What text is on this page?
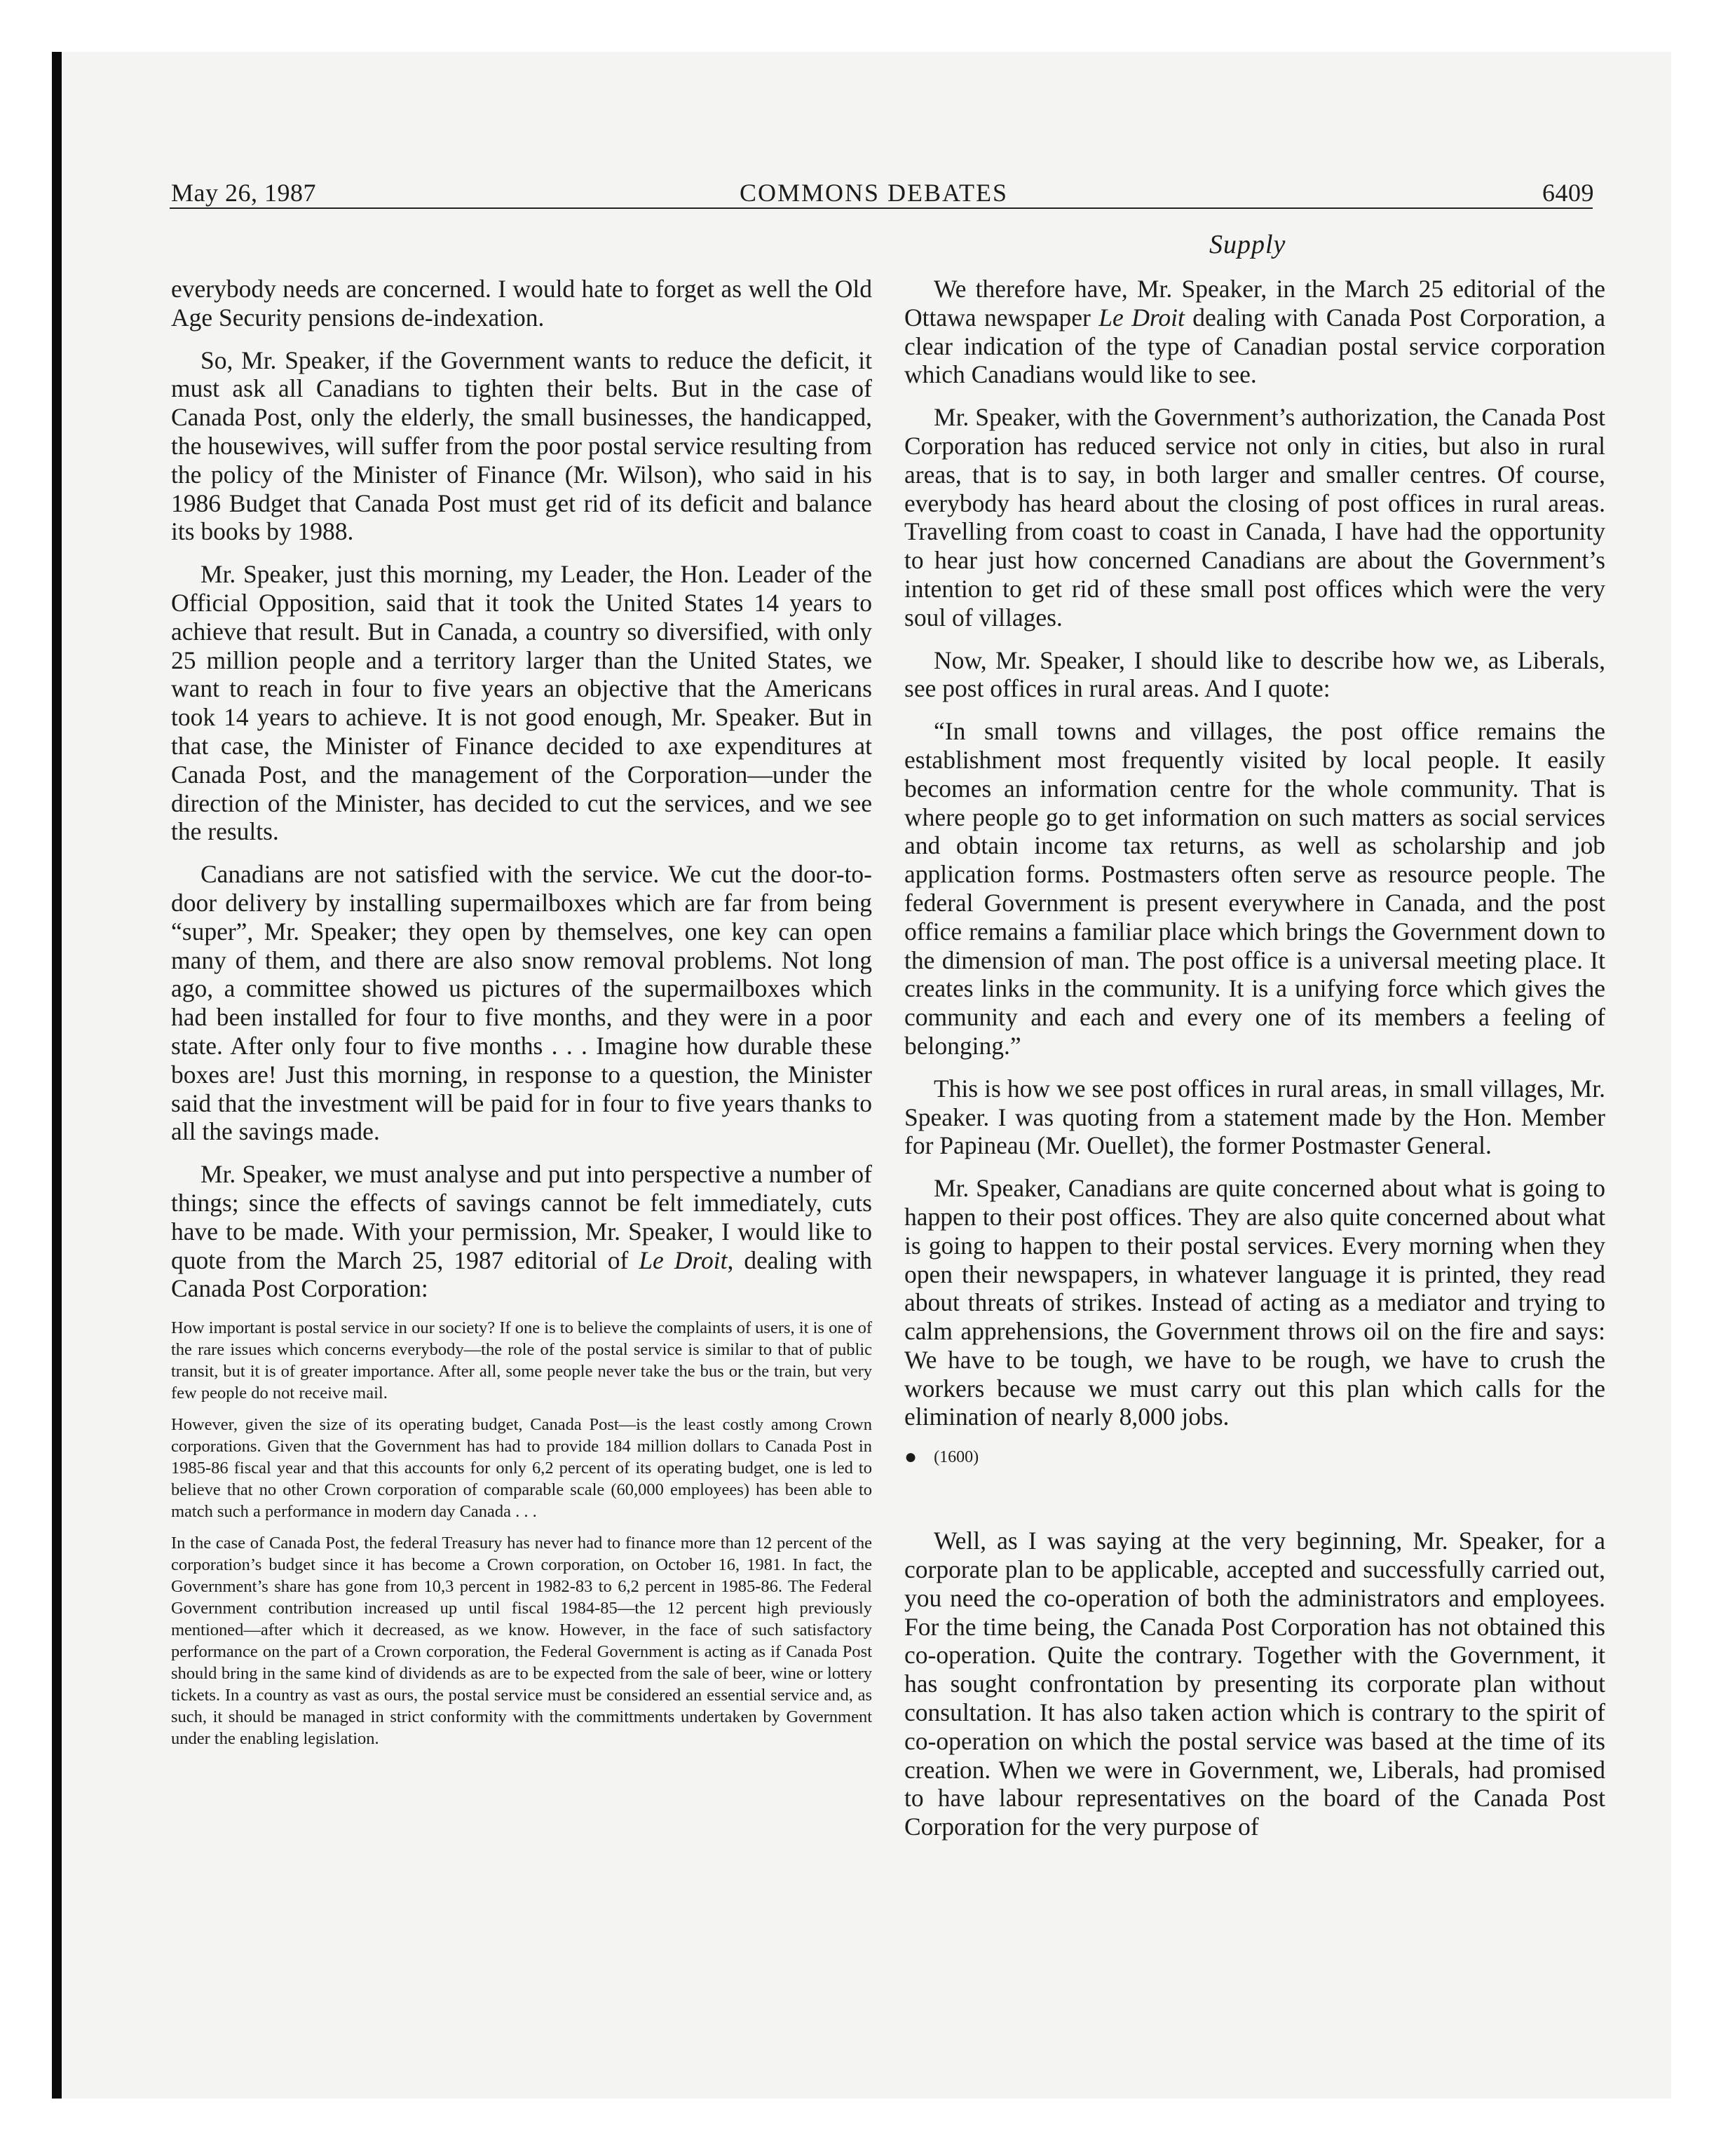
May 26, 1987	COMMONS DEBATES	6409
Supply

everybody needs are concerned. I would hate to forget as well the Old Age Security pensions de-indexation.

So, Mr. Speaker, if the Government wants to reduce the deficit, it must ask all Canadians to tighten their belts. But in the case of Canada Post, only the elderly, the small businesses, the handicapped, the housewives, will suffer from the poor postal service resulting from the policy of the Minister of Finance (Mr. Wilson), who said in his 1986 Budget that Canada Post must get rid of its deficit and balance its books by 1988.

Mr. Speaker, just this morning, my Leader, the Hon. Leader of the Official Opposition, said that it took the United States 14 years to achieve that result. But in Canada, a country so diversified, with only 25 million people and a territory larger than the United States, we want to reach in four to five years an objective that the Americans took 14 years to achieve. It is not good enough, Mr. Speaker. But in that case, the Minister of Finance decided to axe expenditures at Canada Post, and the management of the Corporation—under the direction of the Minister, has decided to cut the services, and we see the results.

Canadians are not satisfied with the service. We cut the door-to-door delivery by installing supermailboxes which are far from being “super”, Mr. Speaker; they open by themselves, one key can open many of them, and there are also snow removal problems. Not long ago, a committee showed us pictures of the supermailboxes which had been installed for four to five months, and they were in a poor state. After only four to five months . . . Imagine how durable these boxes are! Just this morning, in response to a question, the Minister said that the investment will be paid for in four to five years thanks to all the savings made.

Mr. Speaker, we must analyse and put into perspective a number of things; since the effects of savings cannot be felt immediately, cuts have to be made. With your permission, Mr. Speaker, I would like to quote from the March 25, 1987 editorial of Le Droit, dealing with Canada Post Corporation:

How important is postal service in our society? If one is to believe the complaints of users, it is one of the rare issues which concerns everybody—the role of the postal service is similar to that of public transit, but it is of greater importance. After all, some people never take the bus or the train, but very few people do not receive mail.
However, given the size of its operating budget, Canada Post—is the least costly among Crown corporations. Given that the Government has had to provide 184 million dollars to Canada Post in 1985-86 fiscal year and that this accounts for only 6,2 percent of its operating budget, one is led to believe that no other Crown corporation of comparable scale (60,000 employees) has been able to match such a performance in modern day Canada . . .
In the case of Canada Post, the federal Treasury has never had to finance more than 12 percent of the corporation’s budget since it has become a Crown corporation, on October 16, 1981. In fact, the Government’s share has gone from 10,3 percent in 1982-83 to 6,2 percent in 1985-86. The Federal Government contribution increased up until fiscal 1984-85—the 12 percent high previously mentioned—after which it decreased, as we know. However, in the face of such satisfactory performance on the part of a Crown corporation, the Federal Government is acting as if Canada Post should bring in the same kind of dividends as are to be expected from the sale of beer, wine or lottery tickets. In a country as vast as ours, the postal service must be considered an essential service and, as such, it should be managed in strict conformity with the committments undertaken by Government under the enabling legislation.

We therefore have, Mr. Speaker, in the March 25 editorial of the Ottawa newspaper Le Droit dealing with Canada Post Corporation, a clear indication of the type of Canadian postal service corporation which Canadians would like to see.

Mr. Speaker, with the Government’s authorization, the Canada Post Corporation has reduced service not only in cities, but also in rural areas, that is to say, in both larger and smaller centres. Of course, everybody has heard about the closing of post offices in rural areas. Travelling from coast to coast in Canada, I have had the opportunity to hear just how concerned Canadians are about the Government’s intention to get rid of these small post offices which were the very soul of villages.

Now, Mr. Speaker, I should like to describe how we, as Liberals, see post offices in rural areas. And I quote:

“In small towns and villages, the post office remains the establishment most frequently visited by local people. It easily becomes an information centre for the whole community. That is where people go to get information on such matters as social services and obtain income tax returns, as well as scholarship and job application forms. Postmasters often serve as resource people. The federal Government is present everywhere in Canada, and the post office remains a familiar place which brings the Government down to the dimension of man. The post office is a universal meeting place. It creates links in the community. It is a unifying force which gives the community and each and every one of its members a feeling of belonging.”

This is how we see post offices in rural areas, in small villages, Mr. Speaker. I was quoting from a statement made by the Hon. Member for Papineau (Mr. Ouellet), the former Postmaster General.

Mr. Speaker, Canadians are quite concerned about what is going to happen to their post offices. They are also quite concerned about what is going to happen to their postal services. Every morning when they open their newspapers, in whatever language it is printed, they read about threats of strikes. Instead of acting as a mediator and trying to calm apprehensions, the Government throws oil on the fire and says: We have to be tough, we have to be rough, we have to crush the workers because we must carry out this plan which calls for the elimination of nearly 8,000 jobs.

● (1600)

Well, as I was saying at the very beginning, Mr. Speaker, for a corporate plan to be applicable, accepted and successfully carried out, you need the co-operation of both the administrators and employees. For the time being, the Canada Post Corporation has not obtained this co-operation. Quite the contrary. Together with the Government, it has sought confrontation by presenting its corporate plan without consultation. It has also taken action which is contrary to the spirit of co-operation on which the postal service was based at the time of its creation. When we were in Government, we, Liberals, had promised to have labour representatives on the board of the Canada Post Corporation for the very purpose of
